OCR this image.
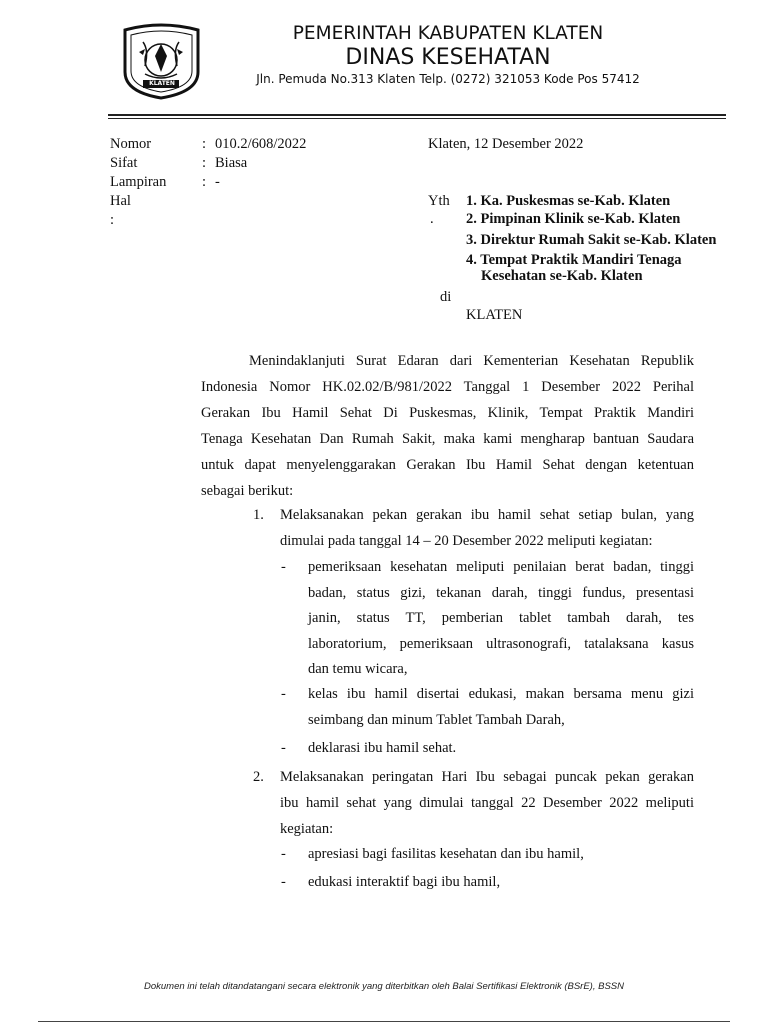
KLATEN
PEMERINTAH KABUPATEN KLATEN
DINAS KESEHATAN
Jln. Pemuda No.313 Klaten Telp. (0272) 321053 Kode Pos 57412
Nomor
Sifat
Lampiran
Hal
:
:
:
:
010.2/608/2022
Biasa
-
Klaten, 12 Desember 2022
Yth
.
1. Ka. Puskesmas se-Kab. Klaten
2. Pimpinan Klinik se-Kab. Klaten
3. Direktur Rumah Sakit se-Kab. Klaten
4. Tempat Praktik Mandiri Tenaga
Kesehatan se-Kab. Klaten
di
KLATEN
Menindaklanjuti Surat Edaran dari Kementerian Kesehatan Republik
Indonesia Nomor HK.02.02/B/981/2022 Tanggal 1 Desember 2022 Perihal
Gerakan Ibu Hamil Sehat Di Puskesmas, Klinik, Tempat Praktik Mandiri
Tenaga Kesehatan Dan Rumah Sakit, maka kami mengharap bantuan Saudara
untuk dapat menyelenggarakan Gerakan Ibu Hamil Sehat dengan ketentuan
sebagai berikut:
1.	Melaksanakan pekan gerakan ibu hamil sehat setiap bulan, yang
dimulai pada tanggal 14 – 20 Desember 2022 meliputi kegiatan:
- pemeriksaan kesehatan meliputi penilaian berat badan, tinggi
badan, status gizi, tekanan darah, tinggi fundus, presentasi
janin, status TT, pemberian tablet tambah darah, tes
laboratorium, pemeriksaan ultrasonografi, tatalaksana kasus
dan temu wicara,
- kelas ibu hamil disertai edukasi, makan bersama menu gizi
seimbang dan minum Tablet Tambah Darah,
- deklarasi ibu hamil sehat.
2.	Melaksanakan peringatan Hari Ibu sebagai puncak pekan gerakan
ibu hamil sehat yang dimulai tanggal 22 Desember 2022 meliputi
kegiatan:
- apresiasi bagi fasilitas kesehatan dan ibu hamil,
- edukasi interaktif bagi ibu hamil,
Dokumen ini telah ditandatangani secara elektronik yang diterbitkan oleh Balai Sertifikasi Elektronik (BSrE), BSSN
